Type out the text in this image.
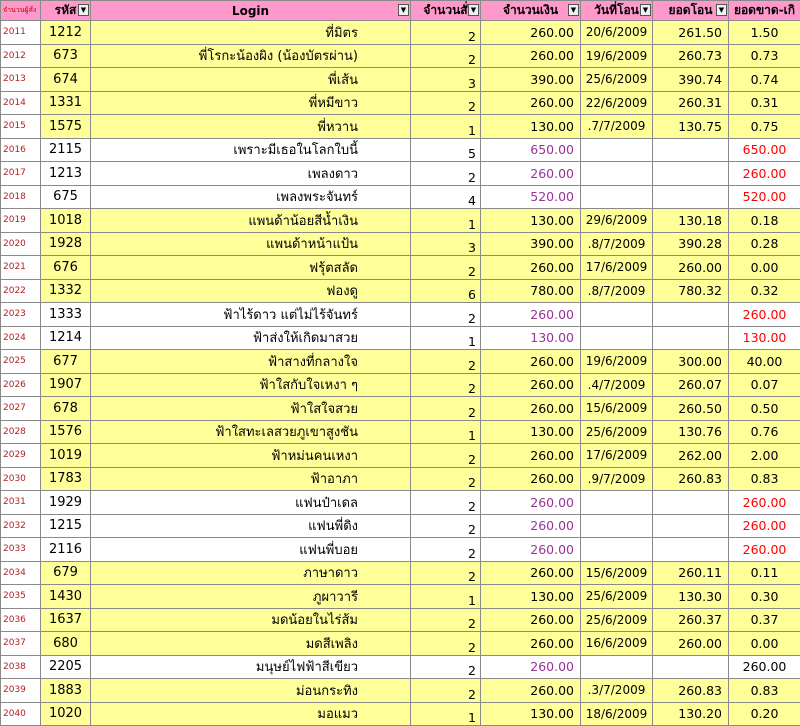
จำนวนผู้สั่ง	รหัส ▼	Login ▼	จำนวนสั่ ▼	จำนวนเงิน ▼	วันที่โอน ▼	ยอดโอน ▼	ยอดขาด-เกิ
2011	1212	ที่มิตร	2	260.00	20/6/2009	261.50	1.50
2012	673	พี่โรกะน้องผิง (น้องบัตรผ่าน)	2	260.00	19/6/2009	260.73	0.73
2013	674	พี่เส้น	3	390.00	25/6/2009	390.74	0.74
2014	1331	พี่หมีขาว	2	260.00	22/6/2009	260.31	0.31
2015	1575	พี่หวาน	1	130.00	.7/7/2009	130.75	0.75
2016	2115	เพราะมีเธอในโลกใบนี้	5	650.00			650.00
2017	1213	เพลงดาว	2	260.00			260.00
2018	675	เพลงพระจันทร์	4	520.00			520.00
2019	1018	แพนด้าน้อยสีน้ำเงิน	1	130.00	29/6/2009	130.18	0.18
2020	1928	แพนด้าหน้าแป้น	3	390.00	.8/7/2009	390.28	0.28
2021	676	ฟรุ้ตสลัด	2	260.00	17/6/2009	260.00	0.00
2022	1332	ฟองดู	6	780.00	.8/7/2009	780.32	0.32
2023	1333	ฟ้าไร้ดาว แต่ไม่ไร้จันทร์	2	260.00			260.00
2024	1214	ฟ้าส่งให้เกิดมาสวย	1	130.00			130.00
2025	677	ฟ้าสางที่กลางใจ	2	260.00	19/6/2009	300.00	40.00
2026	1907	ฟ้าใสกับใจเหงา ๆ	2	260.00	.4/7/2009	260.07	0.07
2027	678	ฟ้าใสใจสวย	2	260.00	15/6/2009	260.50	0.50
2028	1576	ฟ้าใสทะเลสวยภูเขาสูงชัน	1	130.00	25/6/2009	130.76	0.76
2029	1019	ฟ้าหม่นคนเหงา	2	260.00	17/6/2009	262.00	2.00
2030	1783	ฟ้าอาภา	2	260.00	.9/7/2009	260.83	0.83
2031	1929	แฟนป๋าเดล	2	260.00			260.00
2032	1215	แฟนพี่ดิง	2	260.00			260.00
2033	2116	แฟนพี่บอย	2	260.00			260.00
2034	679	ภาษาดาว	2	260.00	15/6/2009	260.11	0.11
2035	1430	ภูผาวารี	1	130.00	25/6/2009	130.30	0.30
2036	1637	มดน้อยในไร่ส้ม	2	260.00	25/6/2009	260.37	0.37
2037	680	มดสีเพลิง	2	260.00	16/6/2009	260.00	0.00
2038	2205	มนุษย์ไฟฟ้าสีเขียว	2	260.00			260.00
2039	1883	ม่อนกระทิง	2	260.00	.3/7/2009	260.83	0.83
2040	1020	มอแมว	1	130.00	18/6/2009	130.20	0.20
